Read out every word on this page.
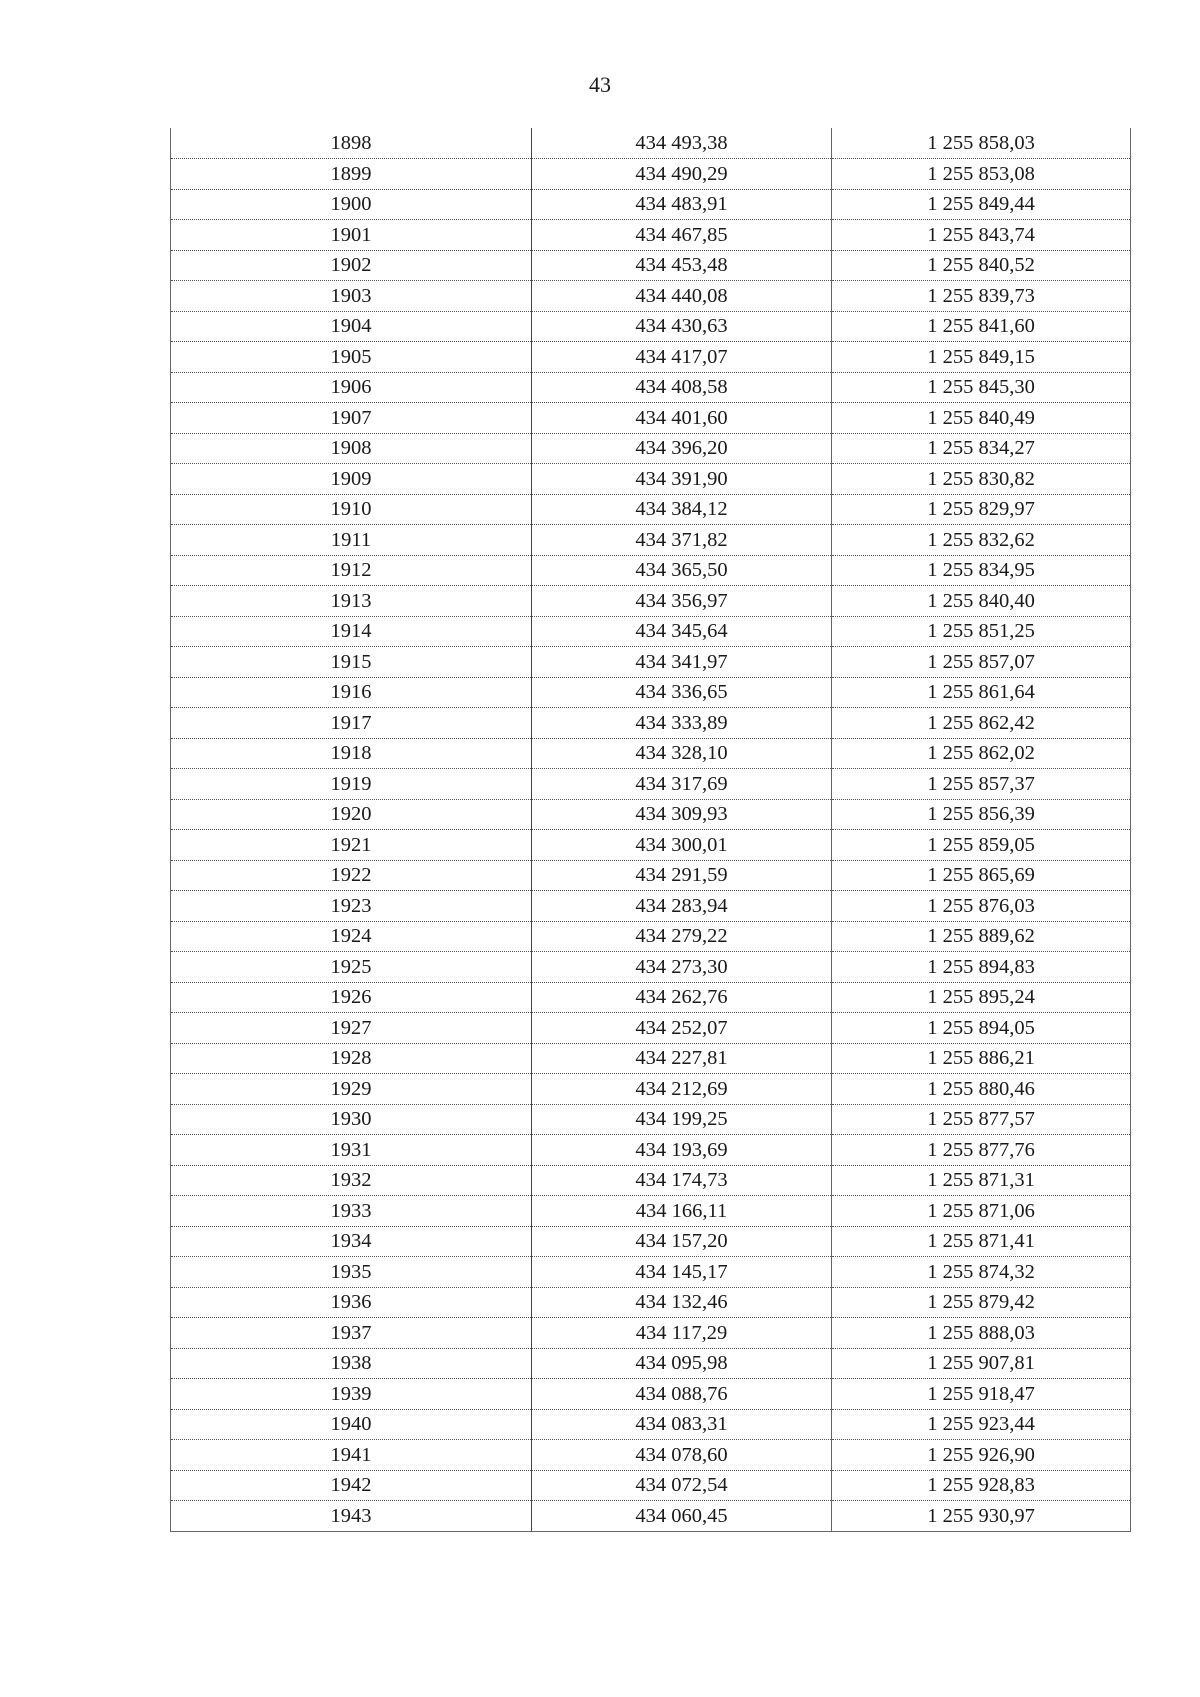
43
1898	434 493,38	1 255 858,03
1899	434 490,29	1 255 853,08
1900	434 483,91	1 255 849,44
1901	434 467,85	1 255 843,74
1902	434 453,48	1 255 840,52
1903	434 440,08	1 255 839,73
1904	434 430,63	1 255 841,60
1905	434 417,07	1 255 849,15
1906	434 408,58	1 255 845,30
1907	434 401,60	1 255 840,49
1908	434 396,20	1 255 834,27
1909	434 391,90	1 255 830,82
1910	434 384,12	1 255 829,97
1911	434 371,82	1 255 832,62
1912	434 365,50	1 255 834,95
1913	434 356,97	1 255 840,40
1914	434 345,64	1 255 851,25
1915	434 341,97	1 255 857,07
1916	434 336,65	1 255 861,64
1917	434 333,89	1 255 862,42
1918	434 328,10	1 255 862,02
1919	434 317,69	1 255 857,37
1920	434 309,93	1 255 856,39
1921	434 300,01	1 255 859,05
1922	434 291,59	1 255 865,69
1923	434 283,94	1 255 876,03
1924	434 279,22	1 255 889,62
1925	434 273,30	1 255 894,83
1926	434 262,76	1 255 895,24
1927	434 252,07	1 255 894,05
1928	434 227,81	1 255 886,21
1929	434 212,69	1 255 880,46
1930	434 199,25	1 255 877,57
1931	434 193,69	1 255 877,76
1932	434 174,73	1 255 871,31
1933	434 166,11	1 255 871,06
1934	434 157,20	1 255 871,41
1935	434 145,17	1 255 874,32
1936	434 132,46	1 255 879,42
1937	434 117,29	1 255 888,03
1938	434 095,98	1 255 907,81
1939	434 088,76	1 255 918,47
1940	434 083,31	1 255 923,44
1941	434 078,60	1 255 926,90
1942	434 072,54	1 255 928,83
1943	434 060,45	1 255 930,97
